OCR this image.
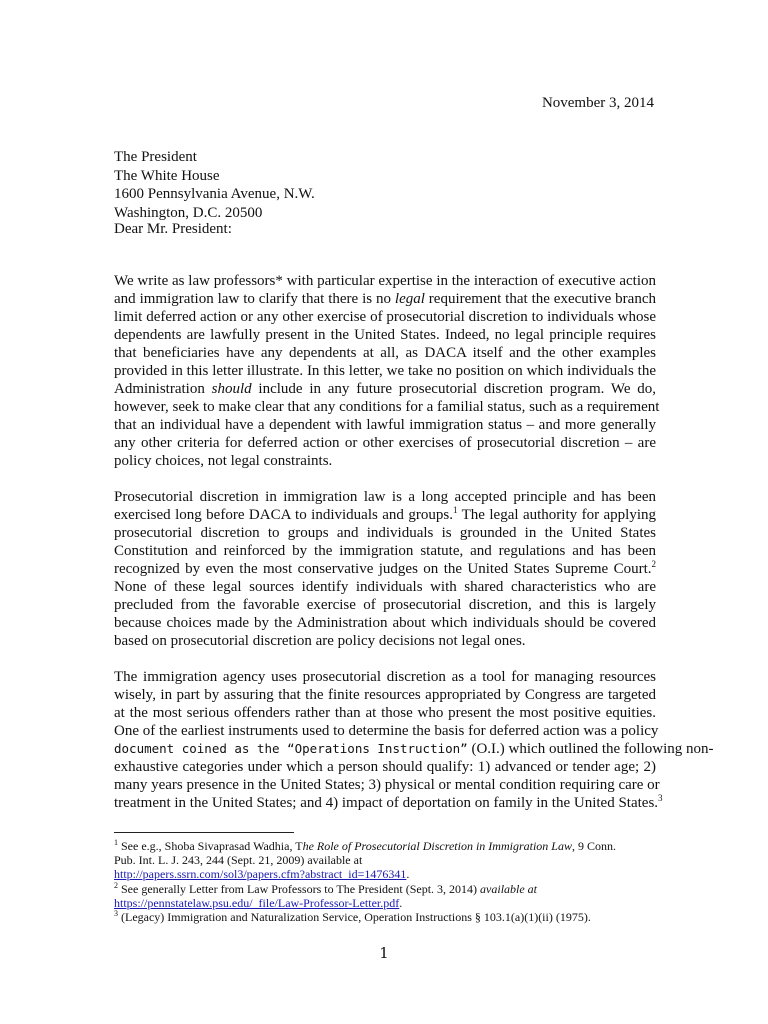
November 3, 2014
The President
The White House
1600 Pennsylvania Avenue, N.W.
Washington, D.C. 20500
Dear Mr. President:
We write as law professors* with particular expertise in the interaction of executive action
and immigration law to clarify that there is no legal requirement that the executive branch
limit deferred action or any other exercise of prosecutorial discretion to individuals whose
dependents are lawfully present in the United States. Indeed, no legal principle requires
that beneficiaries have any dependents at all, as DACA itself and the other examples
provided in this letter illustrate. In this letter, we take no position on which individuals the
Administration should include in any future prosecutorial discretion program. We do,
however, seek to make clear that any conditions for a familial status, such as a requirement
that an individual have a dependent with lawful immigration status – and more generally
any other criteria for deferred action or other exercises of prosecutorial discretion – are
policy choices, not legal constraints.
Prosecutorial discretion in immigration law is a long accepted principle and has been
exercised long before DACA to individuals and groups.$^1$ The legal authority for applying
prosecutorial discretion to groups and individuals is grounded in the United States
Constitution and reinforced by the immigration statute, and regulations and has been
recognized by even the most conservative judges on the United States Supreme Court.$^2$
None of these legal sources identify individuals with shared characteristics who are
precluded from the favorable exercise of prosecutorial discretion, and this is largely
because choices made by the Administration about which individuals should be covered
based on prosecutorial discretion are policy decisions not legal ones.
The immigration agency uses prosecutorial discretion as a tool for managing resources
wisely, in part by assuring that the finite resources appropriated by Congress are targeted
at the most serious offenders rather than at those who present the most positive equities.
One of the earliest instruments used to determine the basis for deferred action was a policy
document coined as the “Operations Instruction” (O.I.) which outlined the following non-
exhaustive categories under which a person should qualify: 1) advanced or tender age; 2)
many years presence in the United States; 3) physical or mental condition requiring care or
treatment in the United States; and 4) impact of deportation on family in the United States.$^3$
$^1$ See e.g., Shoba Sivaprasad Wadhia, The Role of Prosecutorial Discretion in Immigration Law, 9 Conn.
Pub. Int. L. J. 243, 244 (Sept. 21, 2009) available at
http://papers.ssrn.com/sol3/papers.cfm?abstract_id=1476341.
$^2$ See generally Letter from Law Professors to The President (Sept. 3, 2014) available at
https://pennstatelaw.psu.edu/_file/Law-Professor-Letter.pdf.
$^3$ (Legacy) Immigration and Naturalization Service, Operation Instructions § 103.1(a)(1)(ii) (1975).
1
